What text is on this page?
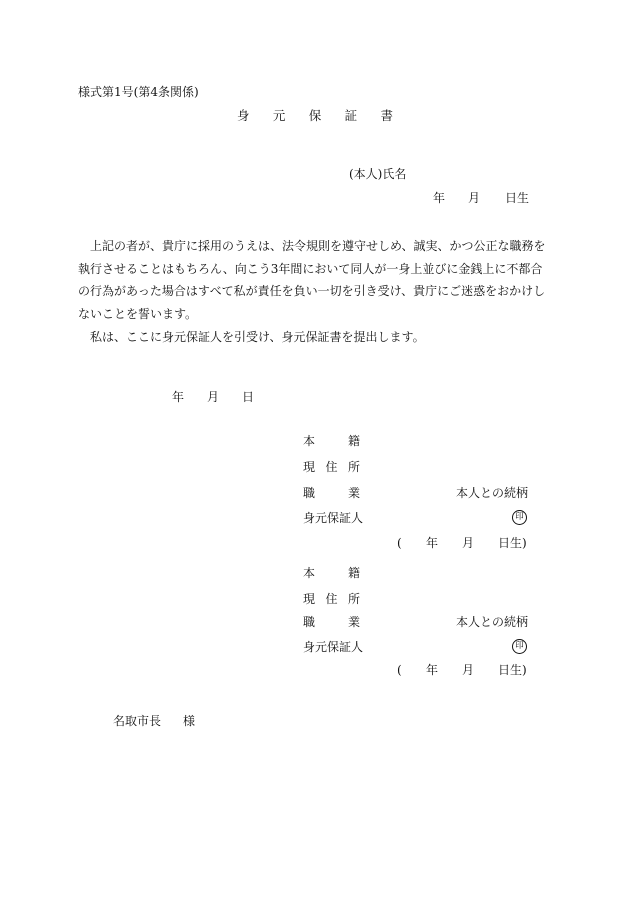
様式第1号(第4条関係)
身 元 保 証 書
(本人)氏名
年 月 日生

上記の者が、貴庁に採用のうえは、法令規則を遵守せしめ、誠実、かつ公正な職務を執行させることはもちろん、向こう3年間において同人が一身上並びに金銭上に不都合の行為があった場合はすべて私が責任を負い一切を引き受け、貴庁にご迷惑をおかけしないことを誓います。

私は、ここに身元保証人を引受け、身元保証書を提出します。

年 月 日
本	籍
現 住 所
職	業	本人との続柄
身元保証人	印
( 年 月 日生)
本	籍
現 住 所
職	業	本人との続柄
身元保証人	印
( 年 月 日生)
名取市長 様
